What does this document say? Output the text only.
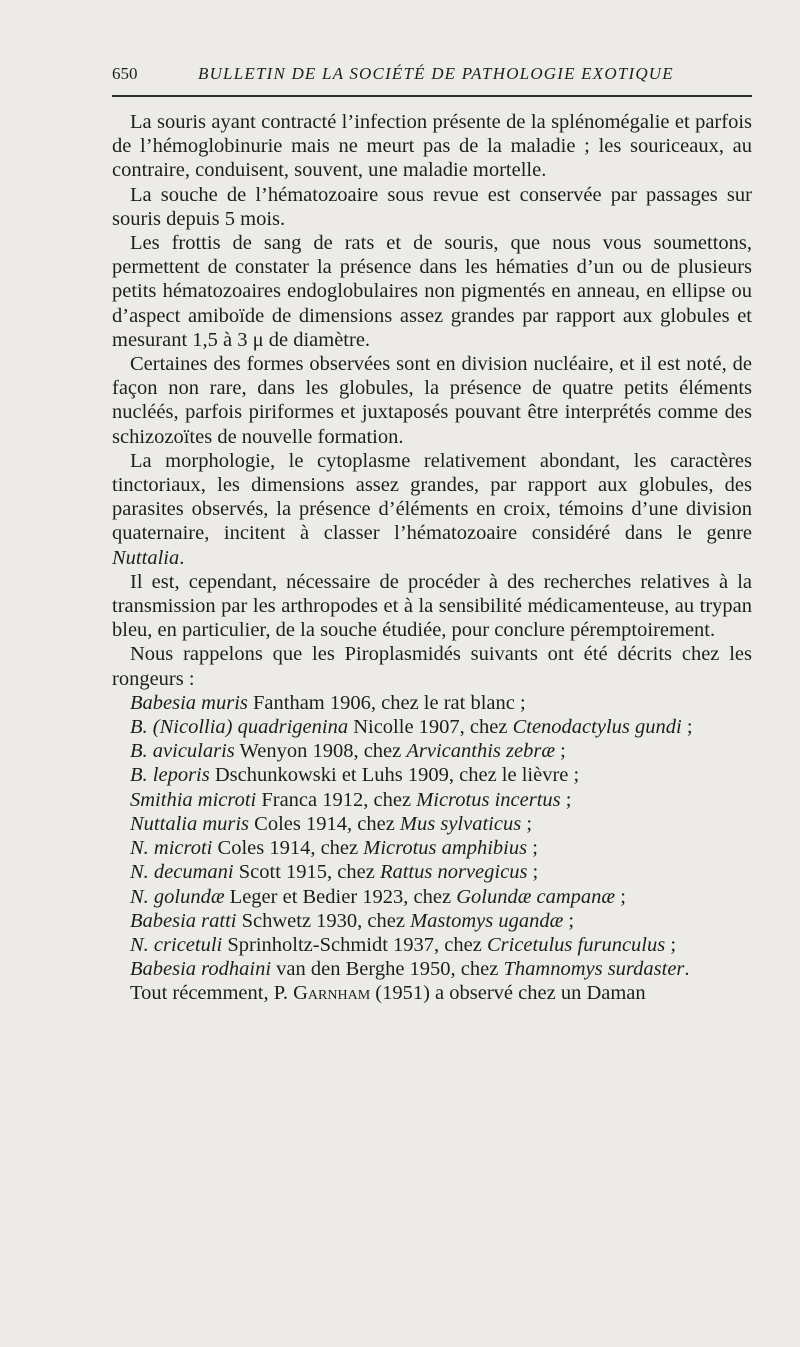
650	BULLETIN DE LA SOCIÉTÉ DE PATHOLOGIE EXOTIQUE

La souris ayant contracté l’infection présente de la splénomégalie et parfois de l’hémoglobinurie mais ne meurt pas de la maladie ; les souriceaux, au contraire, conduisent, souvent, une maladie mortelle.

La souche de l’hématozoaire sous revue est conservée par passages sur souris depuis 5 mois.

Les frottis de sang de rats et de souris, que nous vous soumettons, permettent de constater la présence dans les hématies d’un ou de plusieurs petits hématozoaires endoglobulaires non pigmentés en anneau, en ellipse ou d’aspect amiboïde de dimensions assez grandes par rapport aux globules et mesurant 1,5 à 3 μ de diamètre.

Certaines des formes observées sont en division nucléaire, et il est noté, de façon non rare, dans les globules, la présence de quatre petits éléments nucléés, parfois piriformes et juxtaposés pouvant être interprétés comme des schizozoïtes de nouvelle formation.

La morphologie, le cytoplasme relativement abondant, les caractères tinctoriaux, les dimensions assez grandes, par rapport aux globules, des parasites observés, la présence d’éléments en croix, témoins d’une division quaternaire, incitent à classer l’hématozoaire considéré dans le genre Nuttalia.

Il est, cependant, nécessaire de procéder à des recherches relatives à la transmission par les arthropodes et à la sensibilité médicamenteuse, au trypan bleu, en particulier, de la souche étudiée, pour conclure péremptoirement.

Nous rappelons que les Piroplasmidés suivants ont été décrits chez les rongeurs :

Babesia muris Fantham 1906, chez le rat blanc ;

B. (Nicollia) quadrigenina Nicolle 1907, chez Ctenodactylus gundi ;

B. avicularis Wenyon 1908, chez Arvicanthis zebræ ;

B. leporis Dschunkowski et Luhs 1909, chez le lièvre ;

Smithia microti Franca 1912, chez Microtus incertus ;

Nuttalia muris Coles 1914, chez Mus sylvaticus ;

N. microti Coles 1914, chez Microtus amphibius ;

N. decumani Scott 1915, chez Rattus norvegicus ;

N. golundæ Leger et Bedier 1923, chez Golundæ campanæ ;

Babesia ratti Schwetz 1930, chez Mastomys ugandæ ;

N. cricetuli Sprinholtz-Schmidt 1937, chez Cricetulus furunculus ;

Babesia rodhaini van den Berghe 1950, chez Thamnomys surdaster.

Tout récemment, P. Garnham (1951) a observé chez un Daman
